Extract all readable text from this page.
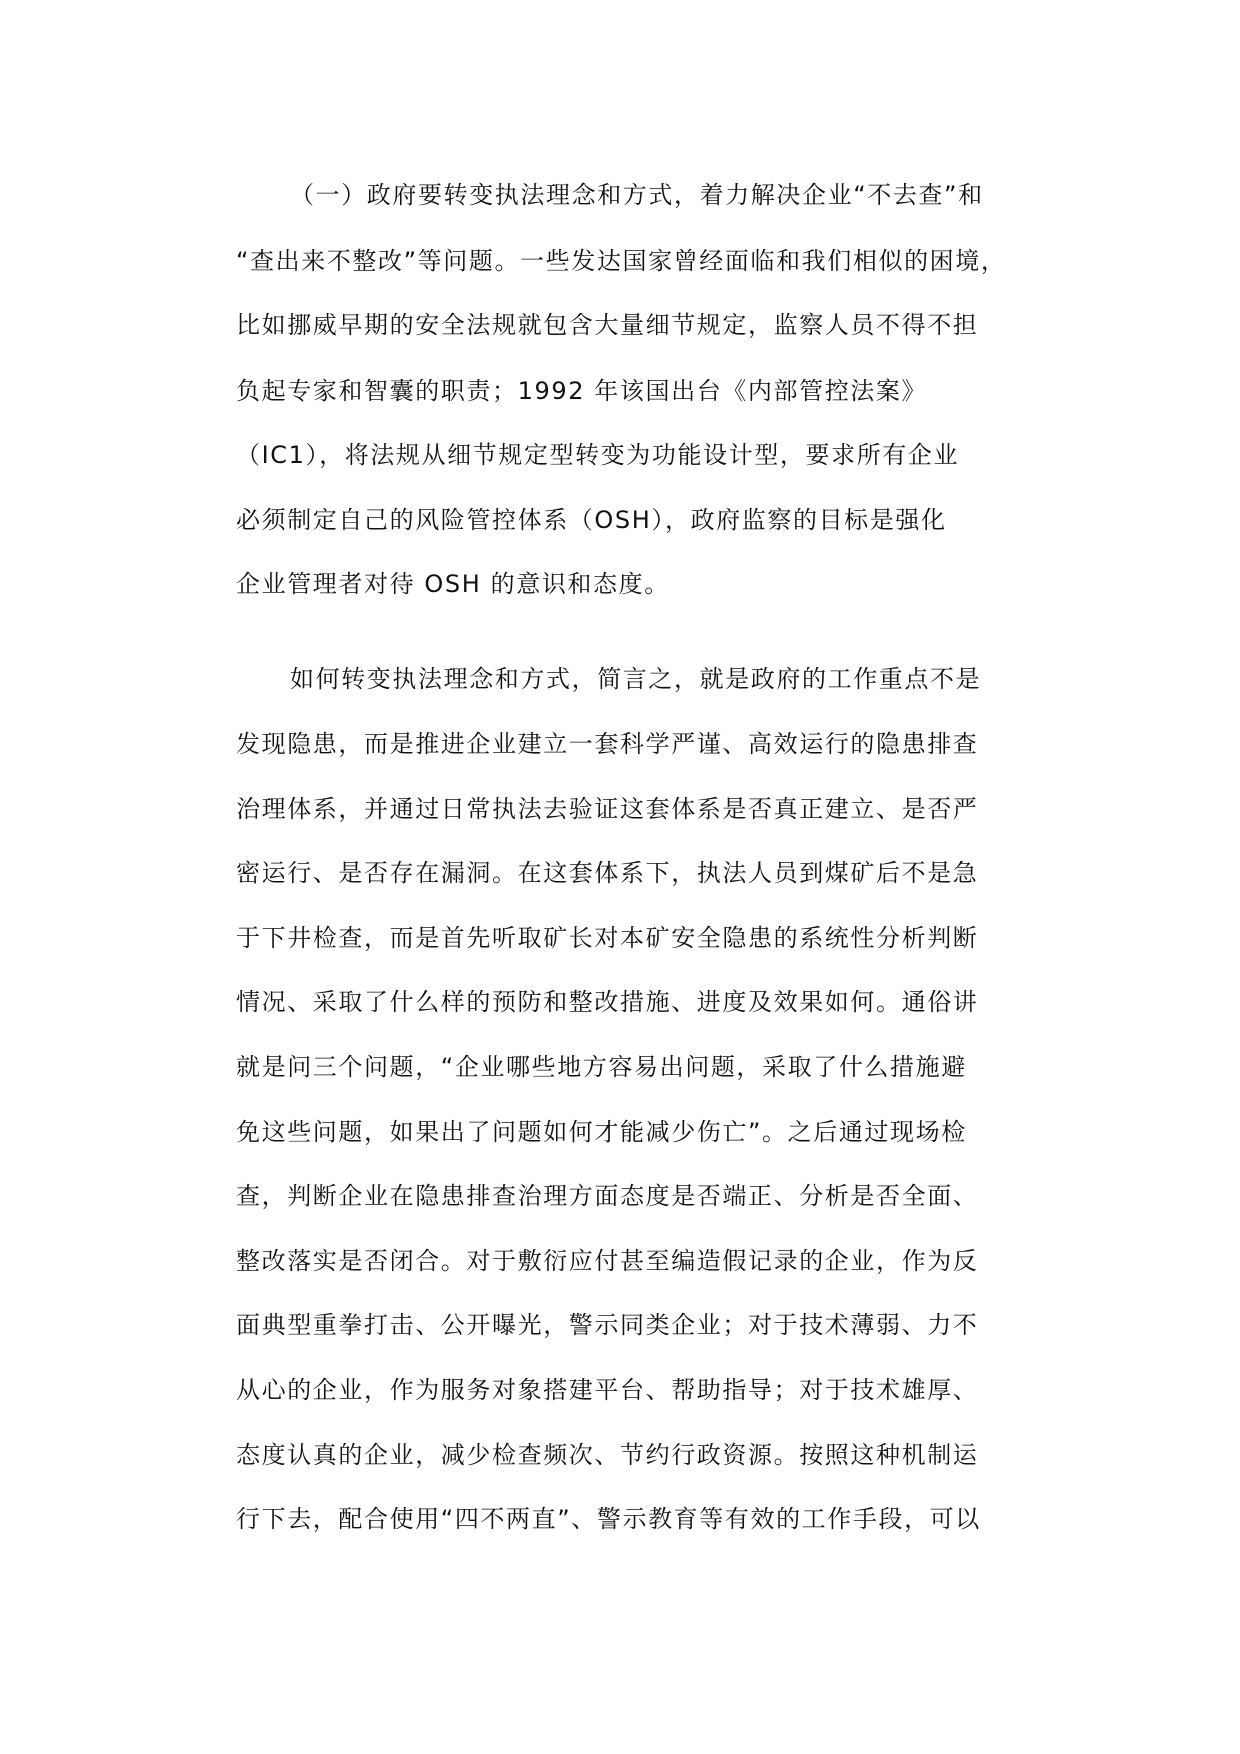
（一）政府要转变执法理念和方式，着力解决企业“不去查”和

“查出来不整改”等问题。一些发达国家曾经面临和我们相似的困境，

比如挪威早期的安全法规就包含大量细节规定，监察人员不得不担

负起专家和智囊的职责；1992 年该国出台《内部管控法案》

（IC1），将法规从细节规定型转变为功能设计型，要求所有企业

必须制定自己的风险管控体系（OSH），政府监察的目标是强化

企业管理者对待 OSH 的意识和态度。

如何转变执法理念和方式，简言之，就是政府的工作重点不是

发现隐患，而是推进企业建立一套科学严谨、高效运行的隐患排查

治理体系，并通过日常执法去验证这套体系是否真正建立、是否严

密运行、是否存在漏洞。在这套体系下，执法人员到煤矿后不是急

于下井检查，而是首先听取矿长对本矿安全隐患的系统性分析判断

情况、采取了什么样的预防和整改措施、进度及效果如何。通俗讲

就是问三个问题，“企业哪些地方容易出问题，采取了什么措施避

免这些问题，如果出了问题如何才能减少伤亡”。之后通过现场检

查，判断企业在隐患排查治理方面态度是否端正、分析是否全面、

整改落实是否闭合。对于敷衍应付甚至编造假记录的企业，作为反

面典型重拳打击、公开曝光，警示同类企业；对于技术薄弱、力不

从心的企业，作为服务对象搭建平台、帮助指导；对于技术雄厚、

态度认真的企业，减少检查频次、节约行政资源。按照这种机制运

行下去，配合使用“四不两直”、警示教育等有效的工作手段，可以
